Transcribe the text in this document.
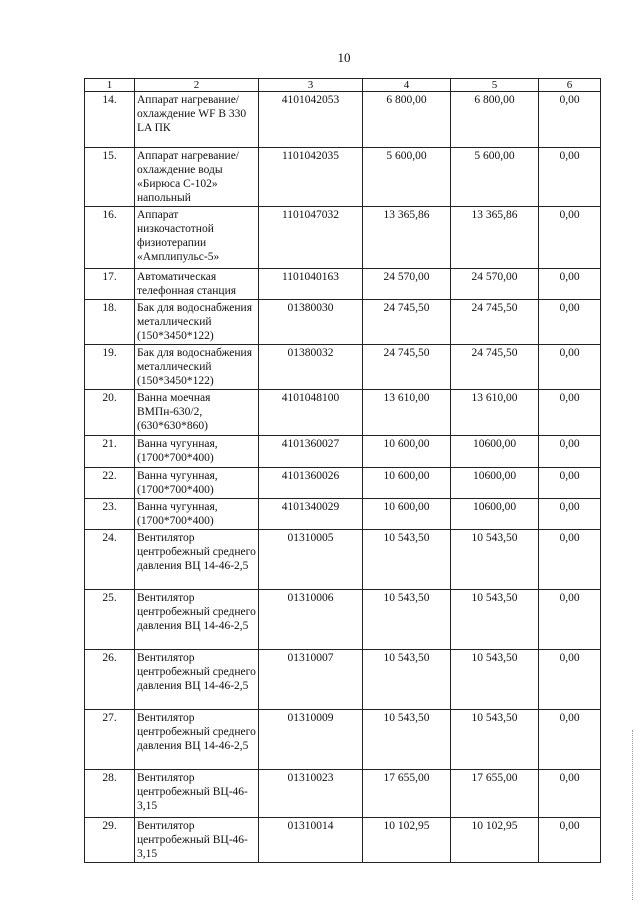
10
1	2	3	4	5	6
14.	Аппарат нагревание/ охлаждение WF B 330 LA ПК	4101042053	6 800,00	6 800,00	0,00
15.	Аппарат нагревание/ охлаждение воды «Бирюса С-102» напольный	1101042035	5 600,00	5 600,00	0,00
16.	Аппарат низкочастотной физиотерапии «Амплипульс-5»	1101047032	13 365,86	13 365,86	0,00
17.	Автоматическая телефонная станция	1101040163	24 570,00	24 570,00	0,00
18.	Бак для водоснабжения металлический (150*3450*122)	01380030	24 745,50	24 745,50	0,00
19.	Бак для водоснабжения металлический (150*3450*122)	01380032	24 745,50	24 745,50	0,00
20.	Ванна моечная ВМПн-630/2, (630*630*860)	4101048100	13 610,00	13 610,00	0,00
21.	Ванна чугунная, (1700*700*400)	4101360027	10 600,00	10600,00	0,00
22.	Ванна чугунная, (1700*700*400)	4101360026	10 600,00	10600,00	0,00
23.	Ванна чугунная, (1700*700*400)	4101340029	10 600,00	10600,00	0,00
24.	Вентилятор центробежный среднего давления ВЦ 14-46-2,5	01310005	10 543,50	10 543,50	0,00
25.	Вентилятор центробежный среднего давления ВЦ 14-46-2,5	01310006	10 543,50	10 543,50	0,00
26.	Вентилятор центробежный среднего давления ВЦ 14-46-2,5	01310007	10 543,50	10 543,50	0,00
27.	Вентилятор центробежный среднего давления ВЦ 14-46-2,5	01310009	10 543,50	10 543,50	0,00
28.	Вентилятор центробежный ВЦ-46-3,15	01310023	17 655,00	17 655,00	0,00
29.	Вентилятор центробежный ВЦ-46-3,15	01310014	10 102,95	10 102,95	0,00
